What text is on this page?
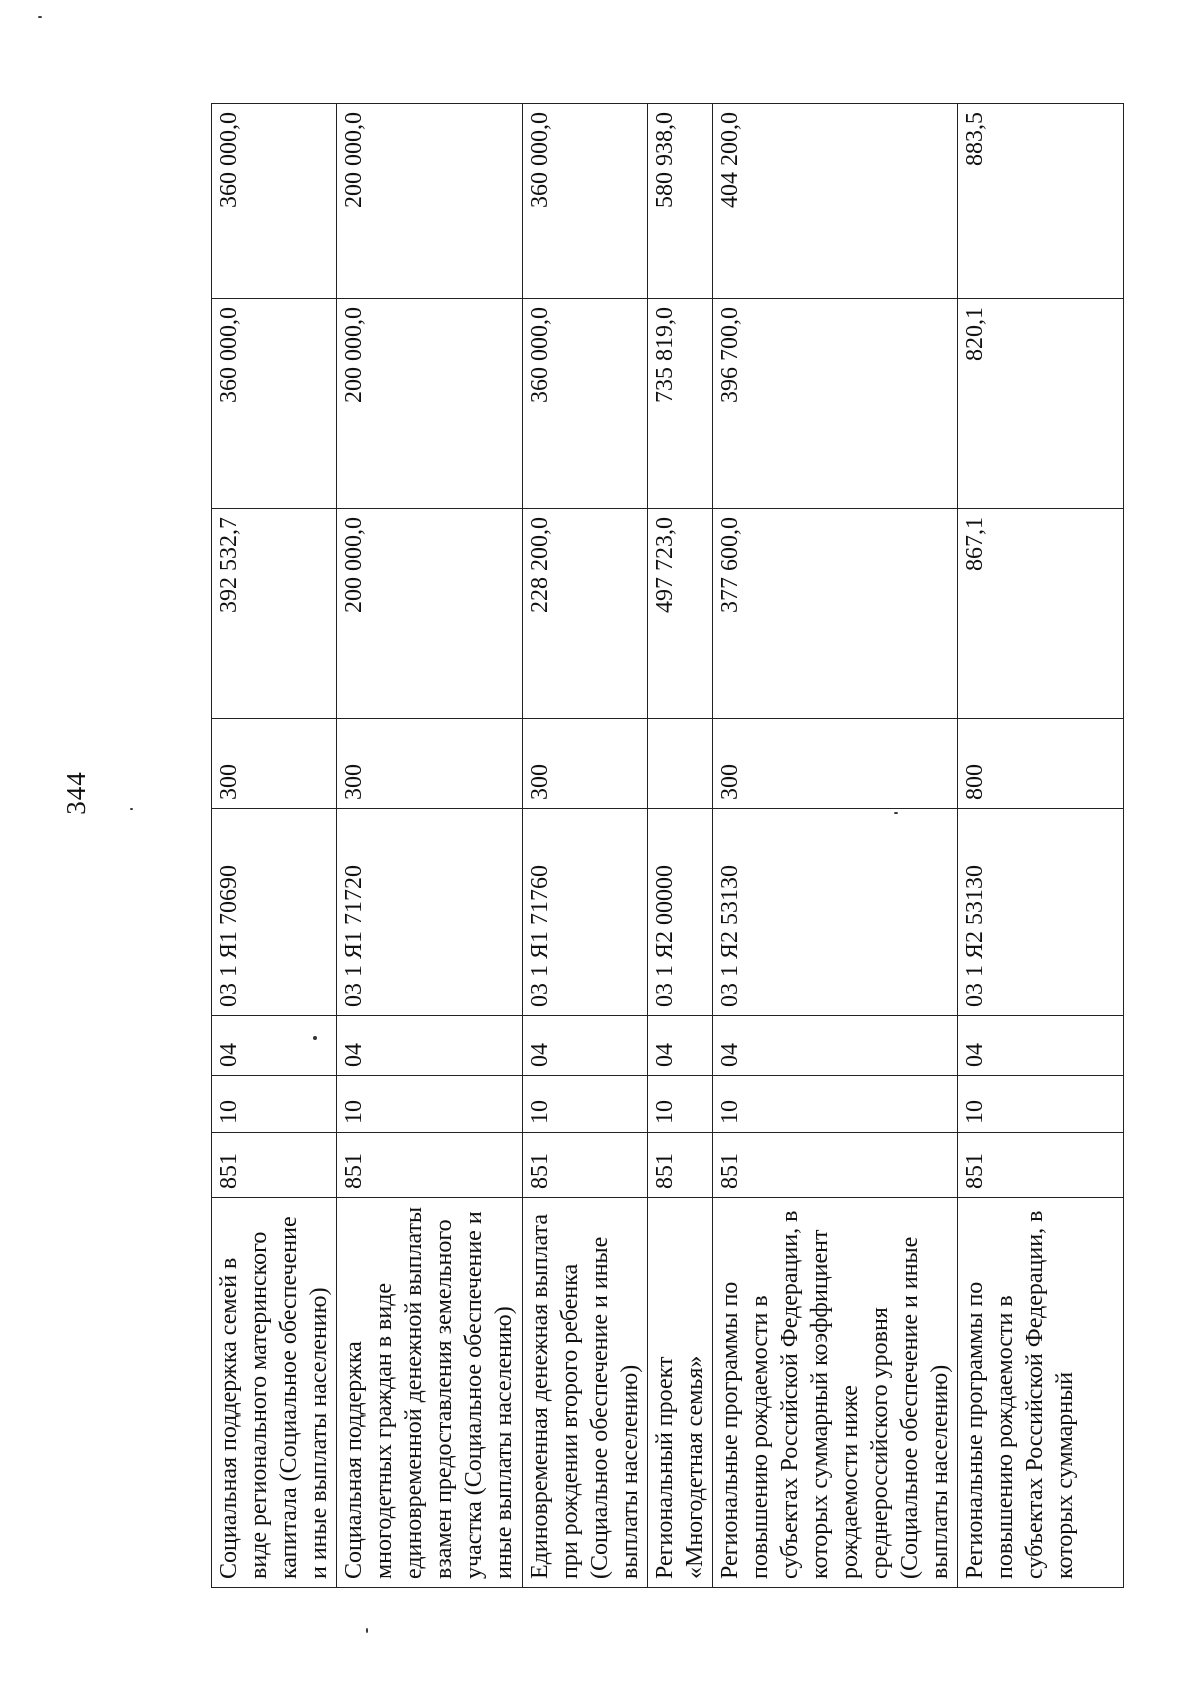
344
Социальная поддержка семей в виде регионального материнского капитала (Социальное обеспечение и иные выплаты населению)	851	10	04	03 1 Я1 70690	300	392 532,7	360 000,0	360 000,0

Социальная поддержка многодетных граждан в виде единовременной денежной выплаты взамен предоставления земельного участка (Социальное обеспечение и иные выплаты населению)	851	10	04	03 1 Я1 71720	300	200 000,0	200 000,0	200 000,0

Единовременная денежная выплата при рождении второго ребенка (Социальное обеспечение и иные выплаты населению)	851	10	04	03 1 Я1 71760	300	228 200,0	360 000,0	360 000,0

Региональный проект «Многодетная семья»	851	10	04	03 1 Я2 00000		497 723,0	735 819,0	580 938,0

Региональные программы по повышению рождаемости в субъектах Российской Федерации, в которых суммарный коэффициент рождаемости ниже среднероссийского уровня (Социальное обеспечение и иные выплаты населению)	851	10	04	03 1 Я2 53130	300	377 600,0	396 700,0	404 200,0

Региональные программы по повышению рождаемости в субъектах Российской Федерации, в которых суммарный	851	10	04	03 1 Я2 53130	800	867,1	820,1	883,5
